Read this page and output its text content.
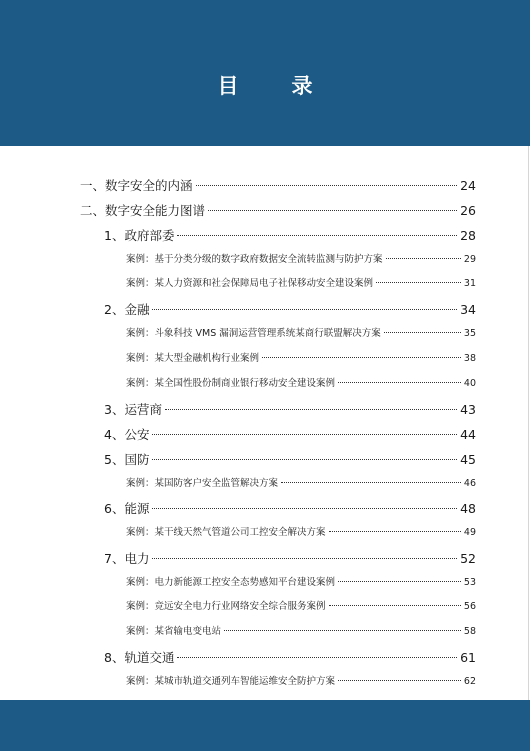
目　录
一、数字安全的内涵	24
二、数字安全能力图谱	26
1、政府部委	28
案例：基于分类分级的数字政府数据安全流转监测与防护方案	29
案例：某人力资源和社会保障局电子社保移动安全建设案例	31
2、金融	34
案例：斗象科技 VMS 漏洞运营管理系统某商行联盟解决方案	35
案例：某大型金融机构行业案例	38
案例：某全国性股份制商业银行移动安全建设案例	40
3、运营商	43
4、公安	44
5、国防	45
案例：某国防客户安全监管解决方案	46
6、能源	48
案例：某干线天然气管道公司工控安全解决方案	49
7、电力	52
案例：电力新能源工控安全态势感知平台建设案例	53
案例：竞远安全电力行业网络安全综合服务案例	56
案例：某省输电变电站	58
8、轨道交通	61
案例：某城市轨道交通列车智能运维安全防护方案	62
